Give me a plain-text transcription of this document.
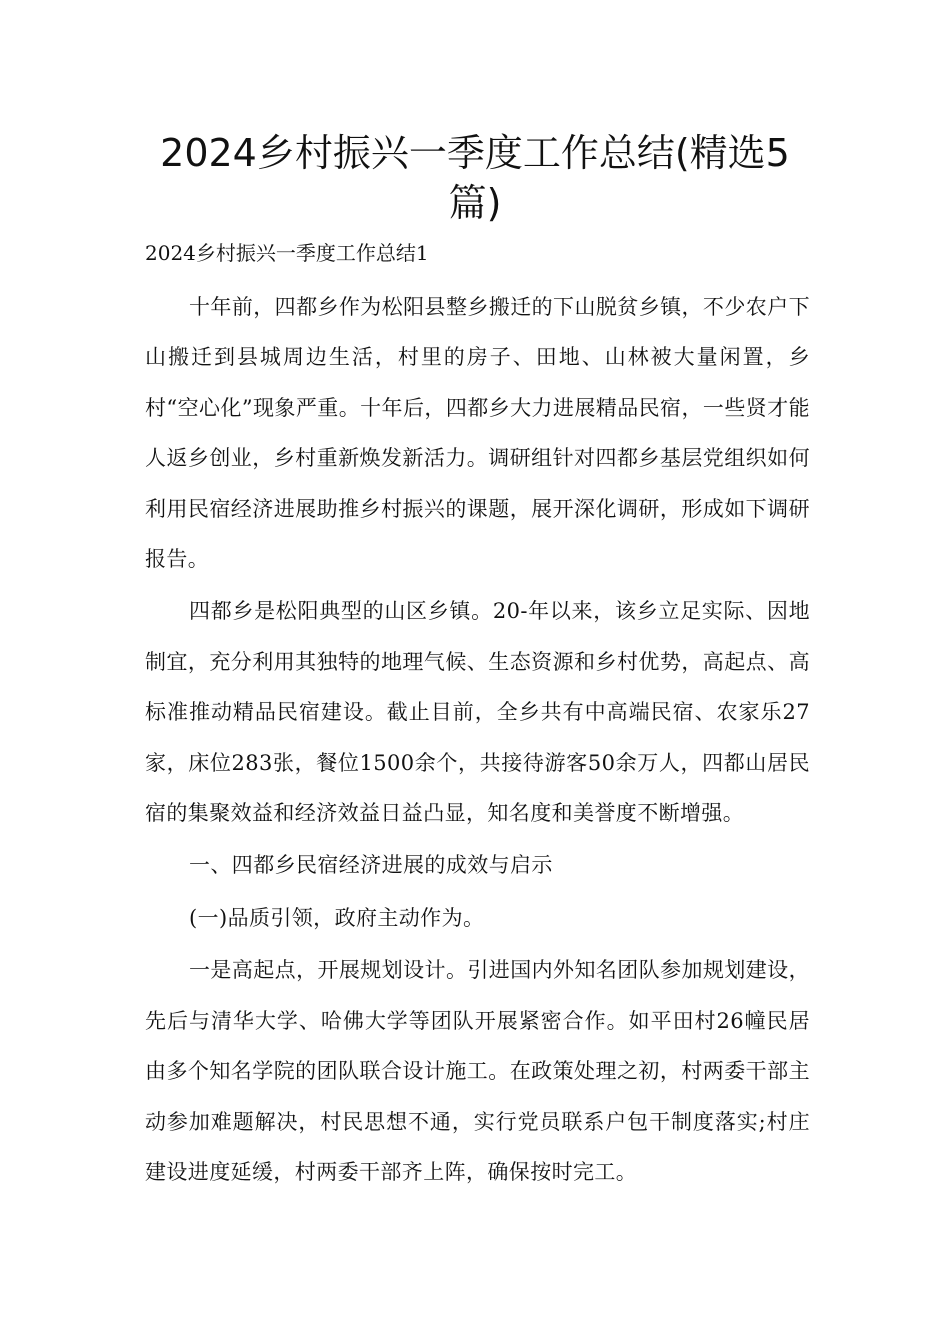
2024乡村振兴一季度工作总结(精选5篇)

2024乡村振兴一季度工作总结1

十年前，四都乡作为松阳县整乡搬迁的下山脱贫乡镇，不少农户下山搬迁到县城周边生活，村里的房子、田地、山林被大量闲置，乡村“空心化”现象严重。十年后，四都乡大力进展精品民宿，一些贤才能人返乡创业，乡村重新焕发新活力。调研组针对四都乡基层党组织如何利用民宿经济进展助推乡村振兴的课题，展开深化调研，形成如下调研报告。

四都乡是松阳典型的山区乡镇。20-年以来，该乡立足实际、因地制宜，充分利用其独特的地理气候、生态资源和乡村优势，高起点、高标准推动精品民宿建设。截止目前，全乡共有中高端民宿、农家乐27家，床位283张，餐位1500余个，共接待游客50余万人，四都山居民宿的集聚效益和经济效益日益凸显，知名度和美誉度不断增强。

一、四都乡民宿经济进展的成效与启示

(一)品质引领，政府主动作为。

一是高起点，开展规划设计。引进国内外知名团队参加规划建设，先后与清华大学、哈佛大学等团队开展紧密合作。如平田村26幢民居由多个知名学院的团队联合设计施工。在政策处理之初，村两委干部主动参加难题解决，村民思想不通，实行党员联系户包干制度落实;村庄建设进度延缓，村两委干部齐上阵，确保按时完工。
